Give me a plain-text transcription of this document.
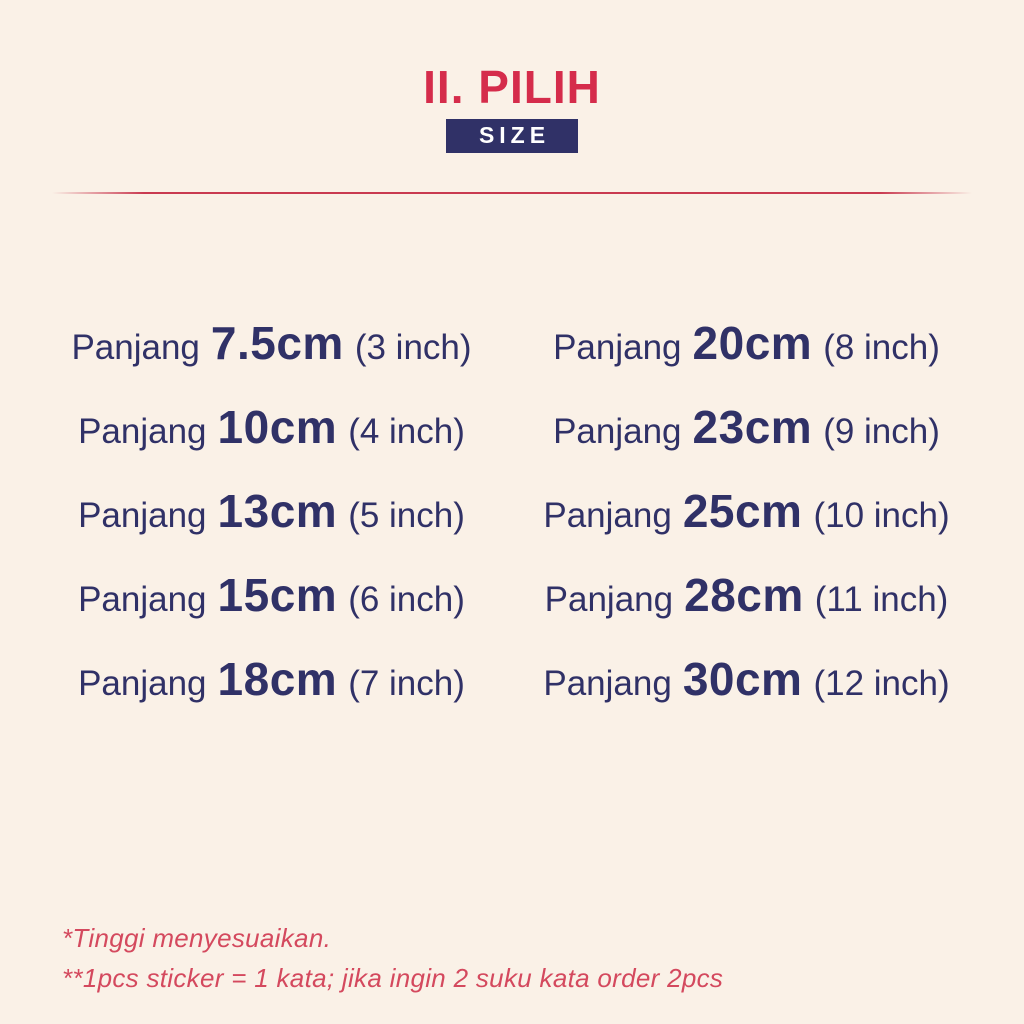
II. PILIH
SIZE
Panjang 7.5cm (3 inch)
Panjang 10cm (4 inch)
Panjang 13cm (5 inch)
Panjang 15cm (6 inch)
Panjang 18cm (7 inch)
Panjang 20cm (8 inch)
Panjang 23cm (9 inch)
Panjang 25cm (10 inch)
Panjang 28cm (11 inch)
Panjang 30cm (12 inch)

*Tinggi menyesuaikan.

**1pcs sticker = 1 kata; jika ingin 2 suku kata order 2pcs
